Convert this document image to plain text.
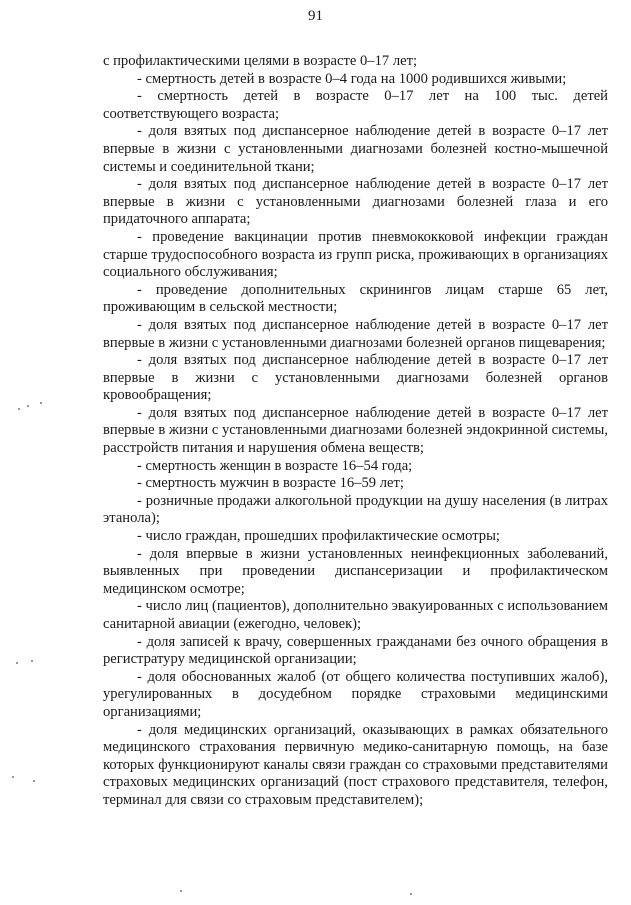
91

с профилактическими целями в возрасте 0–17 лет;

- смертность детей в возрасте 0–4 года на 1000 родившихся живыми;

- смертность детей в возрасте 0–17 лет на 100 тыс. детей соответствующего возраста;

- доля взятых под диспансерное наблюдение детей в возрасте 0–17 лет впервые в жизни с установленными диагнозами болезней костно-мышечной системы и соединительной ткани;

- доля взятых под диспансерное наблюдение детей в возрасте 0–17 лет впервые в жизни с установленными диагнозами болезней глаза и его придаточного аппарата;

- проведение вакцинации против пневмококковой инфекции граждан старше трудоспособного возраста из групп риска, проживающих в организациях социального обслуживания;

- проведение дополнительных скринингов лицам старше 65 лет, проживающим в сельской местности;

- доля взятых под диспансерное наблюдение детей в возрасте 0–17 лет впервые в жизни с установленными диагнозами болезней органов пищеварения;

- доля взятых под диспансерное наблюдение детей в возрасте 0–17 лет впервые в жизни с установленными диагнозами болезней органов кровообращения;

- доля взятых под диспансерное наблюдение детей в возрасте 0–17 лет впервые в жизни с установленными диагнозами болезней эндокринной системы, расстройств питания и нарушения обмена веществ;

- смертность женщин в возрасте 16–54 года;

- смертность мужчин в возрасте 16–59 лет;

- розничные продажи алкогольной продукции на душу населения (в литрах этанола);

- число граждан, прошедших профилактические осмотры;

- доля впервые в жизни установленных неинфекционных заболеваний, выявленных при проведении диспансеризации и профилактическом медицинском осмотре;

- число лиц (пациентов), дополнительно эвакуированных с использованием санитарной авиации (ежегодно, человек);

- доля записей к врачу, совершенных гражданами без очного обращения в регистратуру медицинской организации;

- доля обоснованных жалоб (от общего количества поступивших жалоб), урегулированных в досудебном порядке страховыми медицинскими организациями;

- доля медицинских организаций, оказывающих в рамках обязательного медицинского страхования первичную медико-санитарную помощь, на базе которых функционируют каналы связи граждан со страховыми представителями страховых медицинских организаций (пост страхового представителя, телефон, терминал для связи со страховым представителем);
